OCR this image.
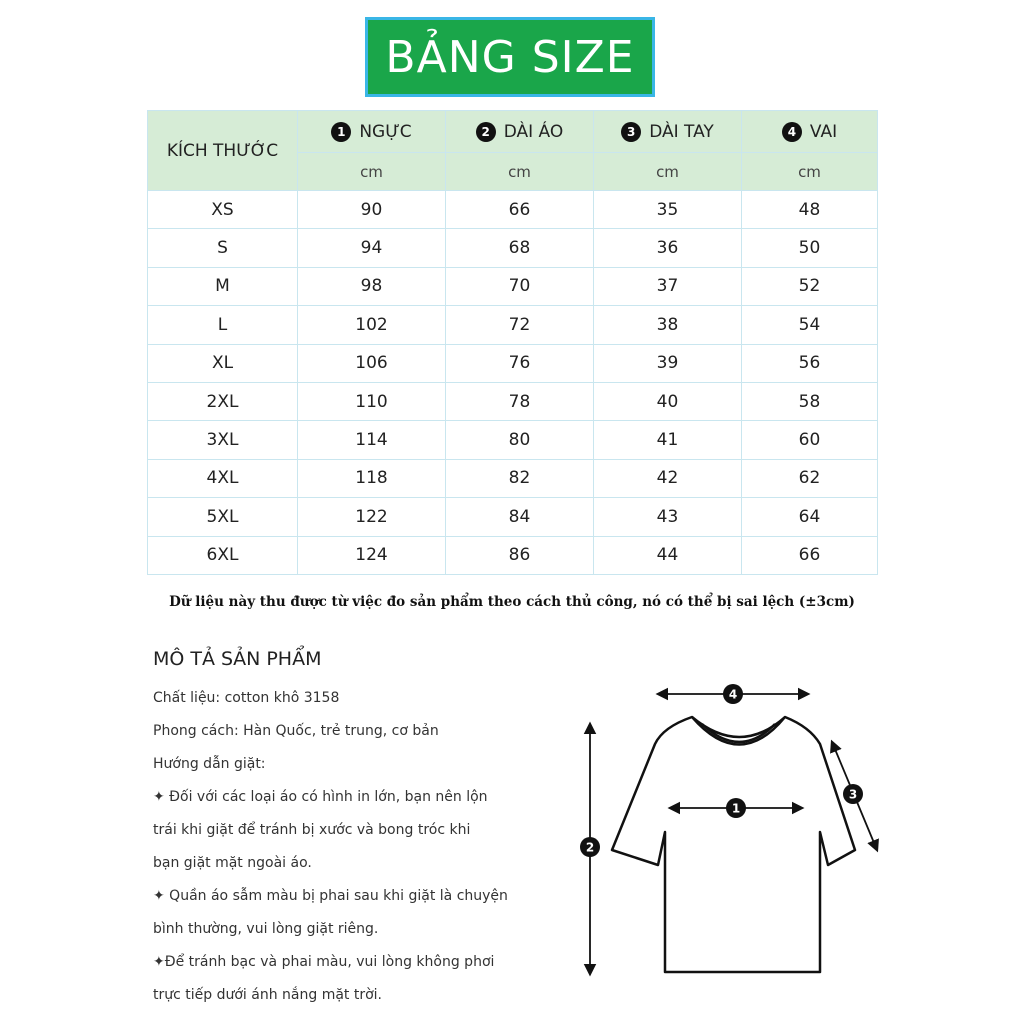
BẢNG SIZE
KÍCH THƯỚC	1 NGỰC	2 DÀI ÁO	3 DÀI TAY	4 VAI

	cm	cm	cm	cm
XS	90	66	35	48
S	94	68	36	50
M	98	70	37	52
L	102	72	38	54
XL	106	76	39	56
2XL	110	78	40	58
3XL	114	80	41	60
4XL	118	82	42	62
5XL	122	84	43	64
6XL	124	86	44	66
Dữ liệu này thu được từ việc đo sản phẩm theo cách thủ công, nó có thể bị sai lệch (±3cm)
MÔ TẢ SẢN PHẨM
Chất liệu: cotton khô 3158
Phong cách: Hàn Quốc, trẻ trung, cơ bản
Hướng dẫn giặt:
✦ Đối với các loại áo có hình in lớn, bạn nên lộn
trái khi giặt để tránh bị xước và bong tróc khi
bạn giặt mặt ngoài áo.
✦ Quần áo sẫm màu bị phai sau khi giặt là chuyện
bình thường, vui lòng giặt riêng.
✦Để tránh bạc và phai màu, vui lòng không phơi
trực tiếp dưới ánh nắng mặt trời.
4
1
2
3
